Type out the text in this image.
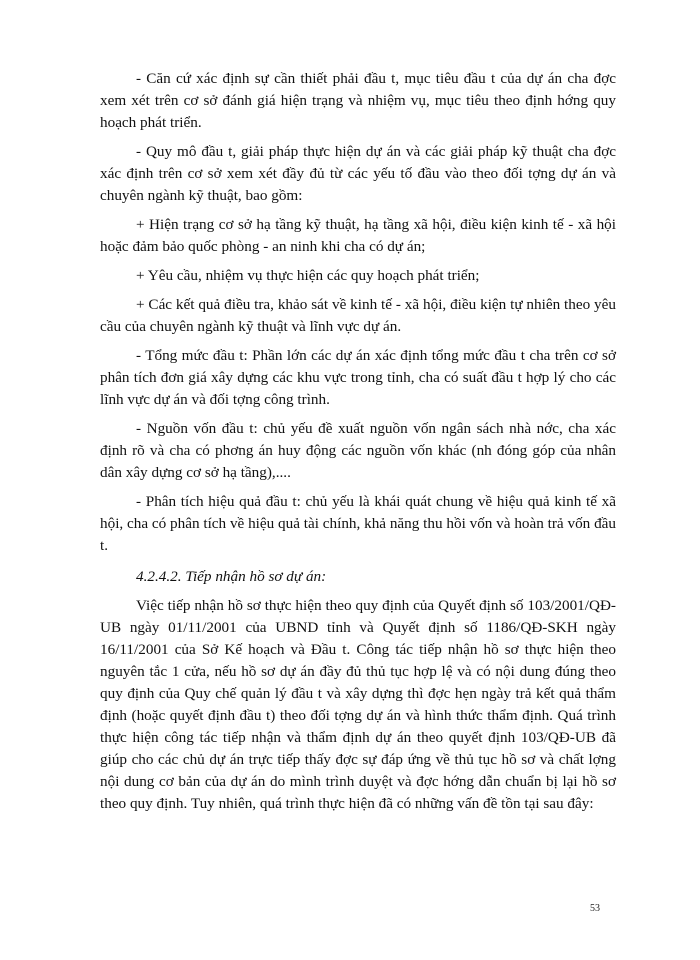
- Căn cứ xác định sự cần thiết phải đầu t, mục tiêu đầu t của dự án cha đợc xem xét trên cơ sở đánh giá hiện trạng và nhiệm vụ, mục tiêu theo định hớng quy hoạch phát triển.

- Quy mô đầu t, giải pháp thực hiện dự án và các giải pháp kỹ thuật cha đợc xác định trên cơ sở xem xét đầy đủ từ các yếu tố đầu vào theo đối tợng dự án và chuyên ngành kỹ thuật, bao gồm:

+ Hiện trạng cơ sở hạ tầng kỹ thuật, hạ tầng xã hội, điều kiện kinh tế - xã hội hoặc đảm bảo quốc phòng - an ninh khi cha có dự án;

+ Yêu cầu, nhiệm vụ thực hiện các quy hoạch phát triển;

+ Các kết quả điều tra, khảo sát về kinh tế - xã hội, điều kiện tự nhiên theo yêu cầu của chuyên ngành kỹ thuật và lĩnh vực dự án.

- Tổng mức đầu t: Phần lớn các dự án xác định tổng mức đầu t cha trên cơ sở phân tích đơn giá xây dựng các khu vực trong tỉnh, cha có suất đầu t hợp lý cho các lĩnh vực dự án và đối tợng công trình.

- Nguồn vốn đầu t: chủ yếu đề xuất nguồn vốn ngân sách nhà nớc, cha xác định rõ và cha có phơng án huy động các nguồn vốn khác (nh đóng góp của nhân dân xây dựng cơ sở hạ tầng),....

- Phân tích hiệu quả đầu t: chủ yếu là khái quát chung về hiệu quả kinh tế xã hội, cha có phân tích về hiệu quả tài chính, khả năng thu hồi vốn và hoàn trả vốn đầu t.

4.2.4.2. Tiếp nhận hồ sơ dự án:

Việc tiếp nhận hồ sơ thực hiện theo quy định của Quyết định số 103/2001/QĐ-UB ngày 01/11/2001 của UBND tỉnh và Quyết định số 1186/QĐ-SKH ngày 16/11/2001 của Sở Kế hoạch và Đầu t. Công tác tiếp nhận hồ sơ thực hiện theo nguyên tắc 1 cửa, nếu hồ sơ dự án đầy đủ thủ tục hợp lệ và có nội dung đúng theo quy định của Quy chế quản lý đầu t và xây dựng thì đợc hẹn ngày trả kết quả thẩm định (hoặc quyết định đầu t) theo đối tợng dự án và hình thức thẩm định. Quá trình thực hiện công tác tiếp nhận và thẩm định dự án theo quyết định 103/QĐ-UB đã giúp cho các chủ dự án trực tiếp thấy đợc sự đáp ứng về thủ tục hồ sơ và chất lợng nội dung cơ bản của dự án do mình trình duyệt và đợc hớng dẫn chuẩn bị lại hồ sơ theo quy định. Tuy nhiên, quá trình thực hiện đã có những vấn đề tồn tại sau đây:

53
